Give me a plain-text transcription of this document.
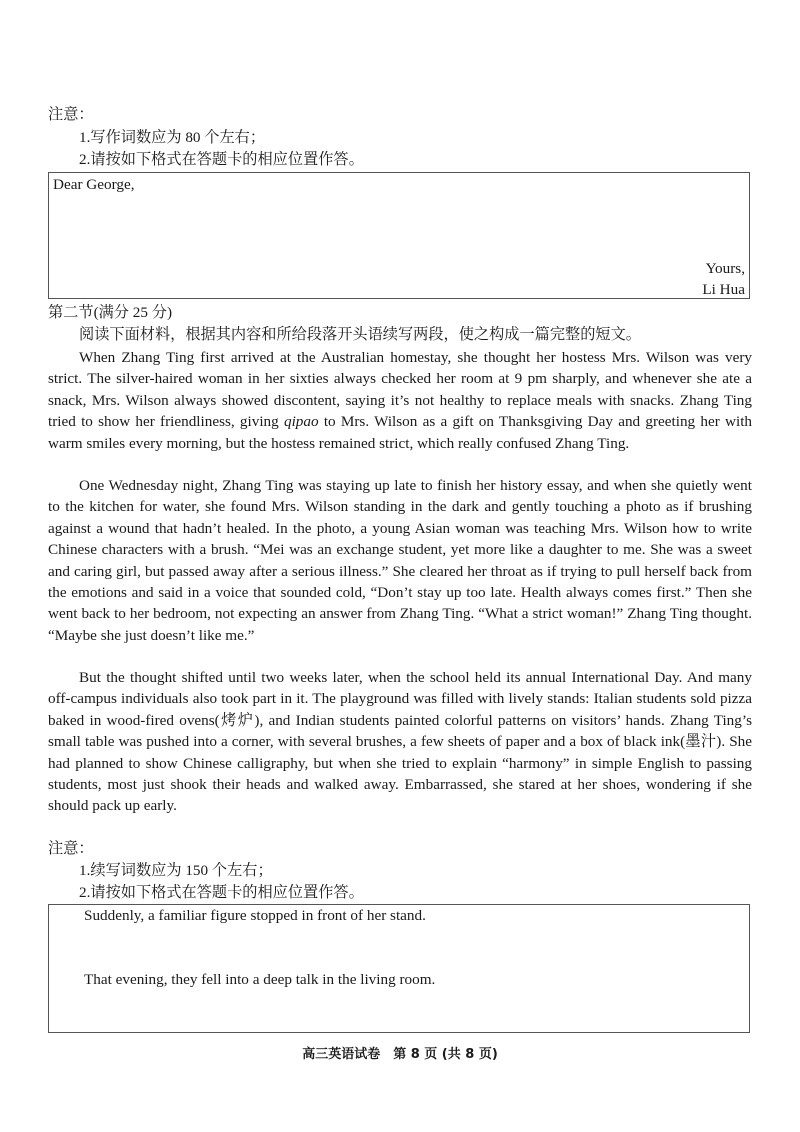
注意：
1.写作词数应为 80 个左右；
2.请按如下格式在答题卡的相应位置作答。
Dear George,
Yours,
Li Hua
第二节(满分 25 分)
阅读下面材料，根据其内容和所给段落开头语续写两段，使之构成一篇完整的短文。
When Zhang Ting first arrived at the Australian homestay, she thought her hostess Mrs. Wilson was very strict. The silver-haired woman in her sixties always checked her room at 9 pm sharply, and whenever she ate a snack, Mrs. Wilson always showed discontent, saying it’s not healthy to replace meals with snacks. Zhang Ting tried to show her friendliness, giving qipao to Mrs. Wilson as a gift on Thanksgiving Day and greeting her with warm smiles every morning, but the hostess remained strict, which really confused Zhang Ting.
One Wednesday night, Zhang Ting was staying up late to finish her history essay, and when she quietly went to the kitchen for water, she found Mrs. Wilson standing in the dark and gently touching a photo as if brushing against a wound that hadn’t healed. In the photo, a young Asian woman was teaching Mrs. Wilson how to write Chinese characters with a brush. “Mei was an exchange student, yet more like a daughter to me. She was a sweet and caring girl, but passed away after a serious illness.” She cleared her throat as if trying to pull herself back from the emotions and said in a voice that sounded cold, “Don’t stay up too late. Health always comes first.” Then she went back to her bedroom, not expecting an answer from Zhang Ting. “What a strict woman!” Zhang Ting thought. “Maybe she just doesn’t like me.”
But the thought shifted until two weeks later, when the school held its annual International Day. And many off-campus individuals also took part in it. The playground was filled with lively stands: Italian students sold pizza baked in wood-fired ovens(烤炉), and Indian students painted colorful patterns on visitors’ hands. Zhang Ting’s small table was pushed into a corner, with several brushes, a few sheets of paper and a box of black ink(墨汁). She had planned to show Chinese calligraphy, but when she tried to explain “harmony” in simple English to passing students, most just shook their heads and walked away. Embarrassed, she stared at her shoes, wondering if she should pack up early.
注意：
1.续写词数应为 150 个左右；
2.请按如下格式在答题卡的相应位置作答。
Suddenly, a familiar figure stopped in front of her stand.
That evening, they fell into a deep talk in the living room.
高三英语试卷　第 8 页 (共 8 页)
